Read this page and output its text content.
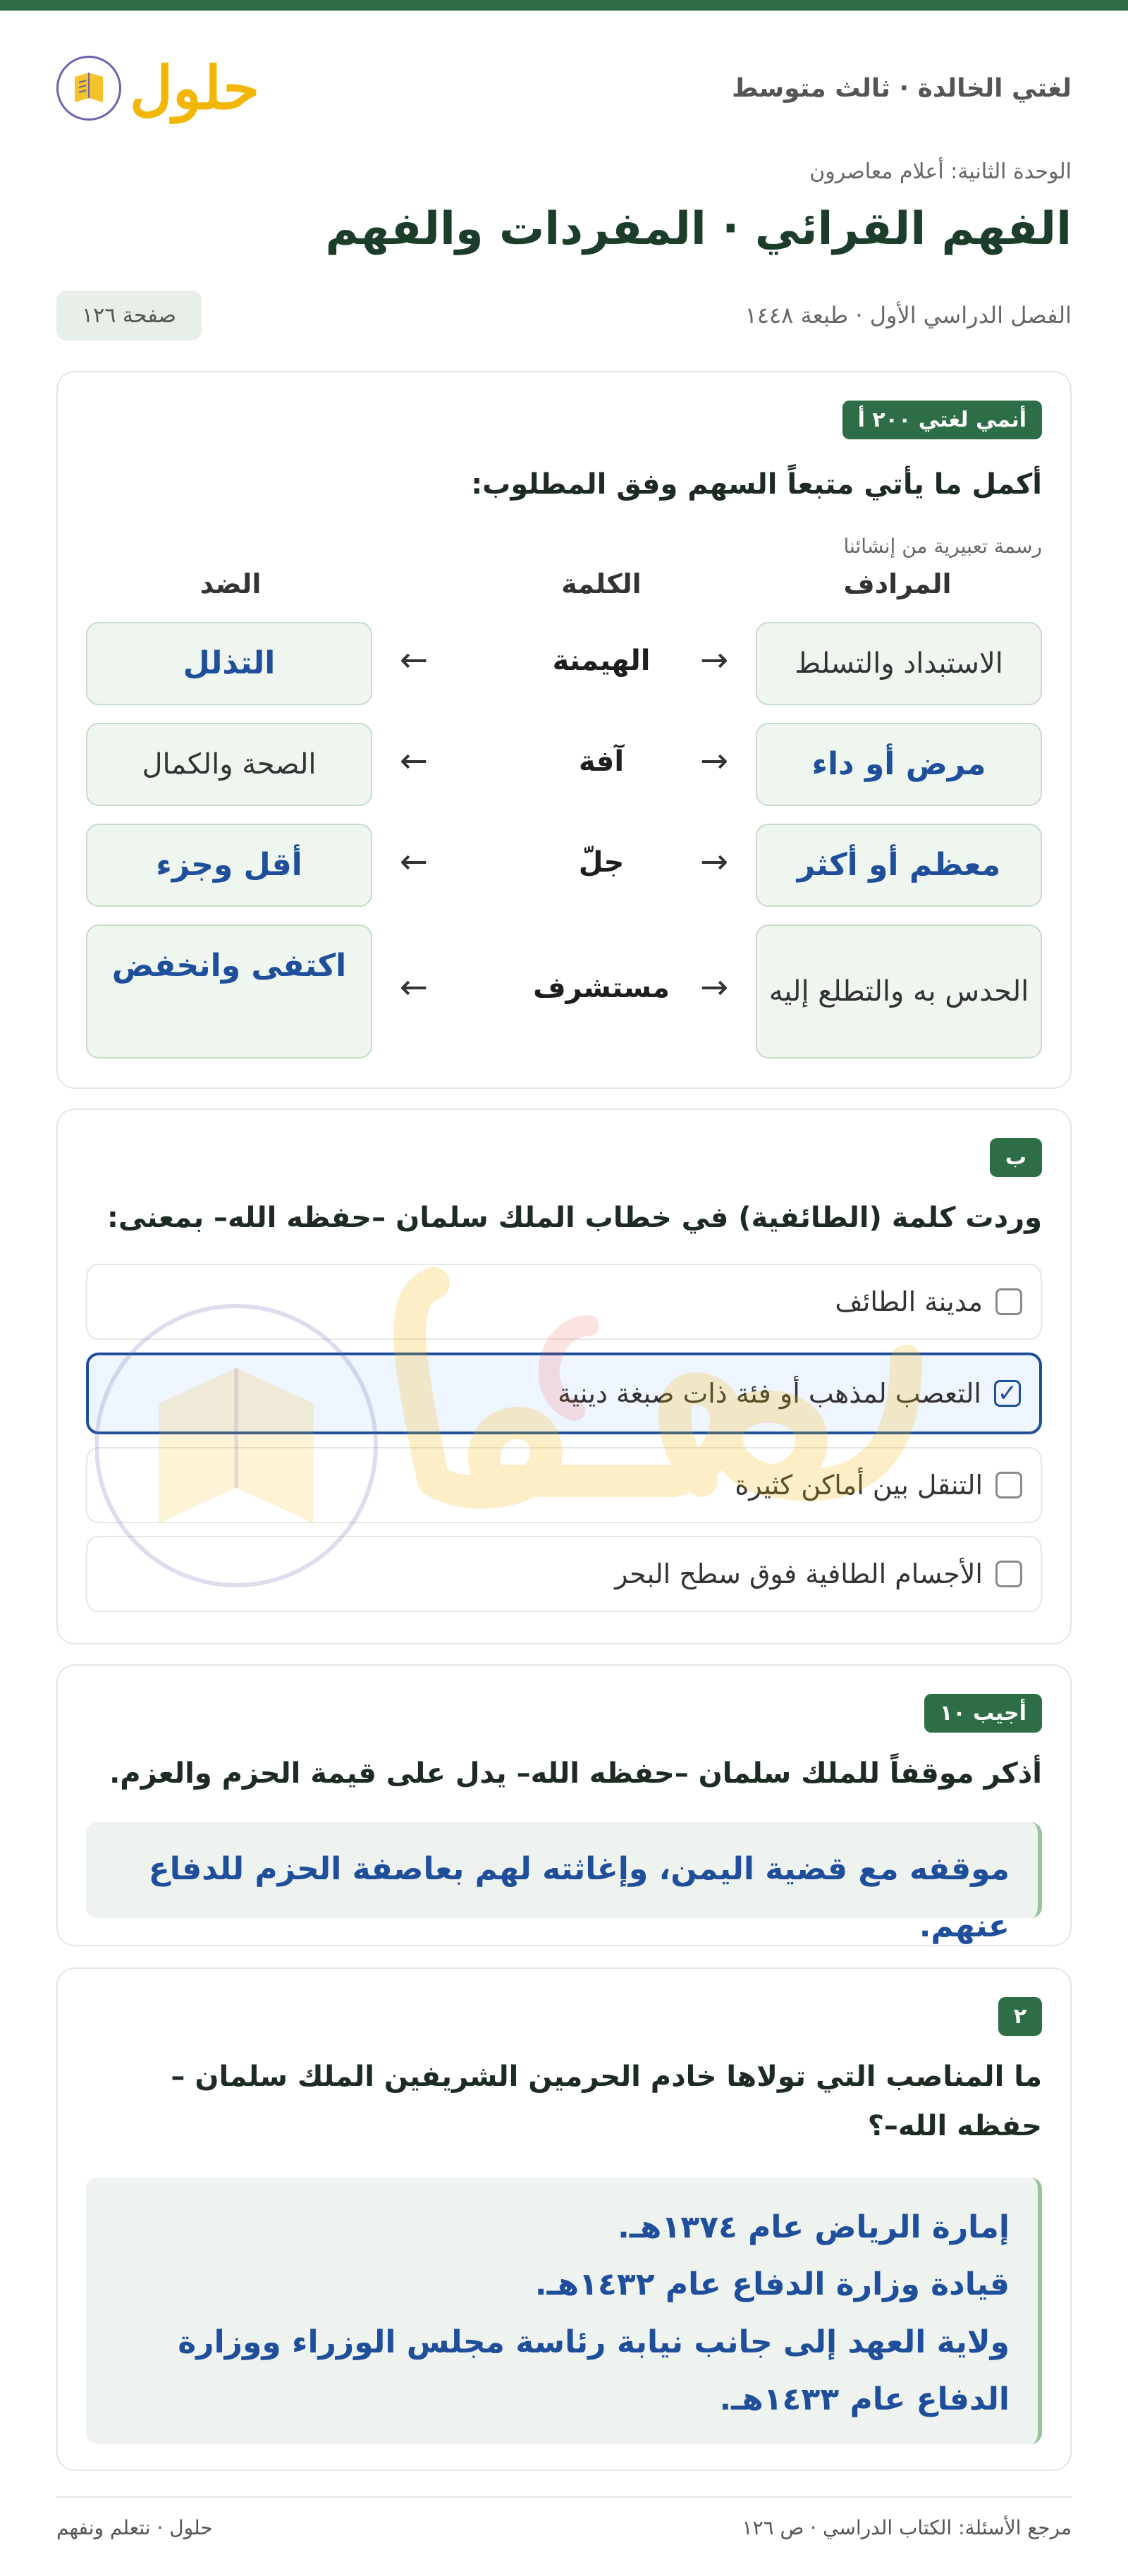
لغتي الخالدة · ثالث متوسط
حلول
الوحدة الثانية: أعلام معاصرون
الفهم القرائي · المفردات والفهم
الفصل الدراسي الأول · طبعة ١٤٤٨
صفحة ١٢٦
أنمي لغتي ٢٠٠ أ
أكمل ما يأتي متبعاً السهم وفق المطلوب:
رسمة تعبيرية من إنشائنا
المرادف
الكلمة
الضد
الاستبداد والتسلط
→
الهيمنة
←
التذلل
مرض أو داء
→
آفة
←
الصحة والكمال
معظم أو أكثر
→
جلّ
←
أقل وجزء
الحدس به والتطلع إليه
→
مستشرف
←
اكتفى وانخفض
ب
وردت كلمة (الطائفية) في خطاب الملك سلمان –حفظه الله– بمعنى:
مدينة الطائف
✓
التعصب لمذهب أو فئة ذات صبغة دينية
التنقل بين أماكن كثيرة
الأجسام الطافية فوق سطح البحر
أجيب ١٠
أذكر موقفاً للملك سلمان –حفظه الله– يدل على قيمة الحزم والعزم.
موقفه مع قضية اليمن، وإغاثته لهم بعاصفة الحزم للدفاع عنهم.
٢
ما المناصب التي تولاها خادم الحرمين الشريفين الملك سلمان –حفظه الله–؟
إمارة الرياض عام ١٣٧٤هـ.
قيادة وزارة الدفاع عام ١٤٣٢هـ.
ولاية العهد إلى جانب نيابة رئاسة مجلس الوزراء ووزارة الدفاع عام ١٤٣٣هـ.
مرجع الأسئلة: الكتاب الدراسي · ص ١٢٦
حلول · نتعلم ونفهم
